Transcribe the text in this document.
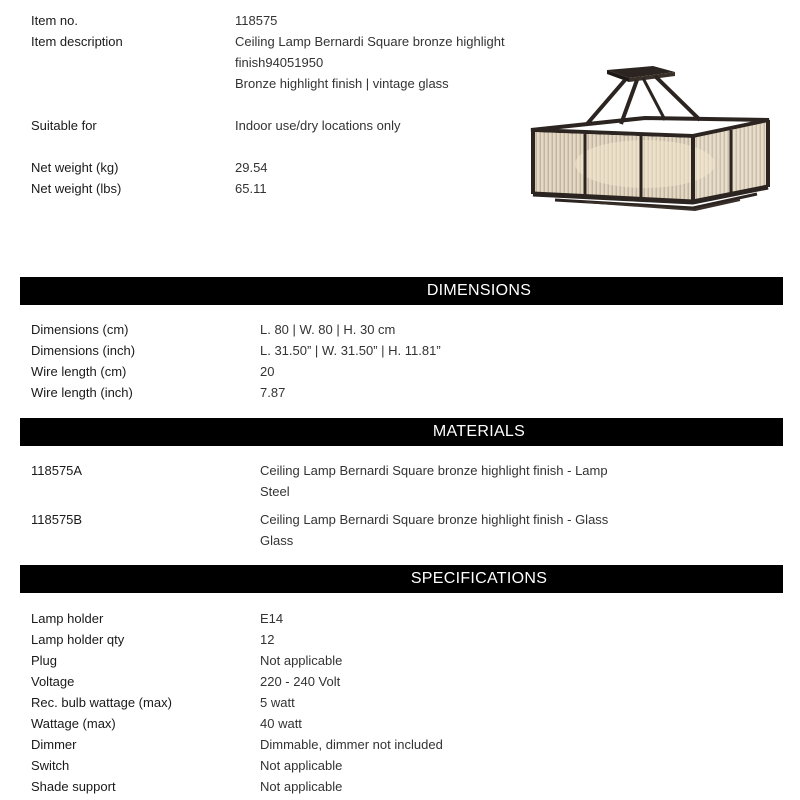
Item no.	118575
Item description	Ceiling Lamp Bernardi Square bronze highlight
finish94051950
Bronze highlight finish | vintage glass
Suitable for	Indoor use/dry locations only
Net weight (kg)	29.54
Net weight (lbs)	65.11
DIMENSIONS
Dimensions (cm)	L. 80 | W. 80 | H. 30 cm
Dimensions (inch)	L. 31.50” | W. 31.50” | H. 11.81”
Wire length (cm)	20
Wire length (inch)	7.87
MATERIALS
118575A	Ceiling Lamp Bernardi Square bronze highlight finish - Lamp
Steel
118575B	Ceiling Lamp Bernardi Square bronze highlight finish - Glass
Glass
SPECIFICATIONS
Lamp holder	E14
Lamp holder qty	12
Plug	Not applicable
Voltage	220 - 240 Volt
Rec. bulb wattage (max)	5 watt
Wattage (max)	40 watt
Dimmer	Dimmable, dimmer not included
Switch	Not applicable
Shade support	Not applicable
